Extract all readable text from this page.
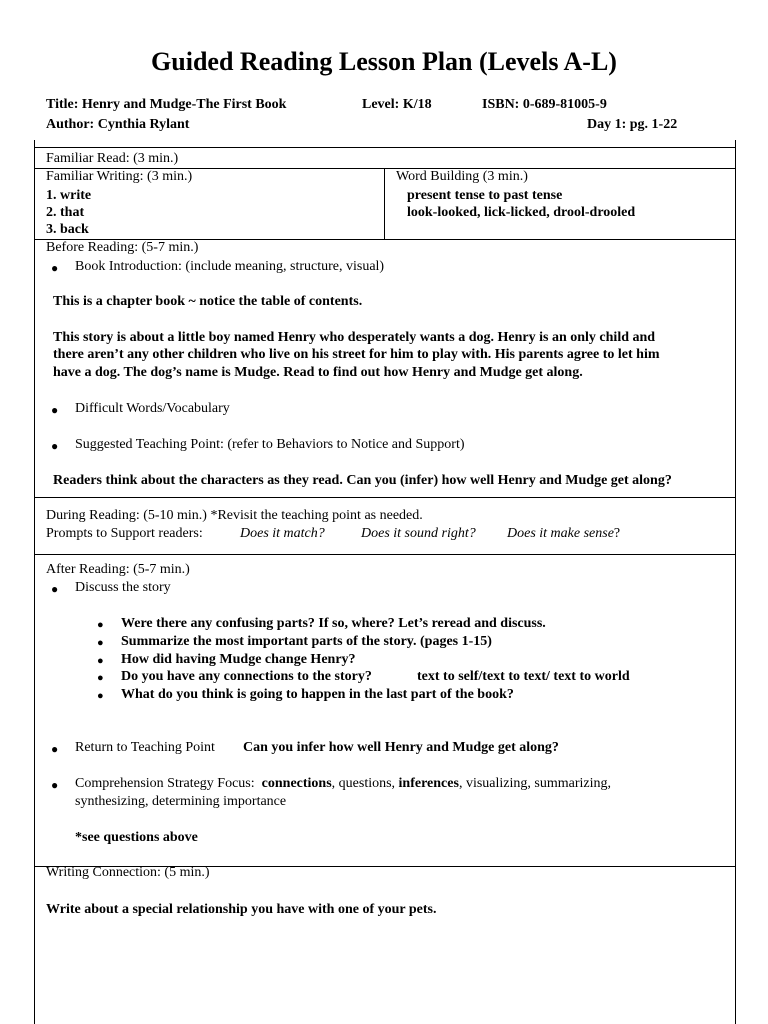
Guided Reading Lesson Plan (Levels A-L)
Title: Henry and Mudge-The First Book	Level: K/18	ISBN: 0-689-81005-9
Author: Cynthia Rylant	Day 1: pg. 1-22
Familiar Read: (3 min.)
Familiar Writing: (3 min.)
1. write
2. that
3. back
Word Building (3 min.)
present tense to past tense
look-looked, lick-licked, drool-drooled
Before Reading: (5-7 min.)
● Book Introduction: (include meaning, structure, visual)
This is a chapter book ~ notice the table of contents.
This story is about a little boy named Henry who desperately wants a dog. Henry is an only child and
there aren’t any other children who live on his street for him to play with. His parents agree to let him
have a dog. The dog’s name is Mudge. Read to find out how Henry and Mudge get along.
● Difficult Words/Vocabulary
● Suggested Teaching Point: (refer to Behaviors to Notice and Support)
Readers think about the characters as they read. Can you (infer) how well Henry and Mudge get along?
During Reading: (5-10 min.) *Revisit the teaching point as needed.
Prompts to Support readers:	Does it match?	Does it sound right? Does it make sense?
After Reading: (5-7 min.)
● Discuss the story
● Were there any confusing parts? If so, where? Let’s reread and discuss.
● Summarize the most important parts of the story. (pages 1-15)
● How did having Mudge change Henry?
● Do you have any connections to the story?	text to self/text to text/ text to world
● What do you think is going to happen in the last part of the book?
● Return to Teaching Point Can you infer how well Henry and Mudge get along?
● Comprehension Strategy Focus: connections, questions, inferences, visualizing, summarizing,
synthesizing, determining importance
*see questions above
Writing Connection: (5 min.)
Write about a special relationship you have with one of your pets.
